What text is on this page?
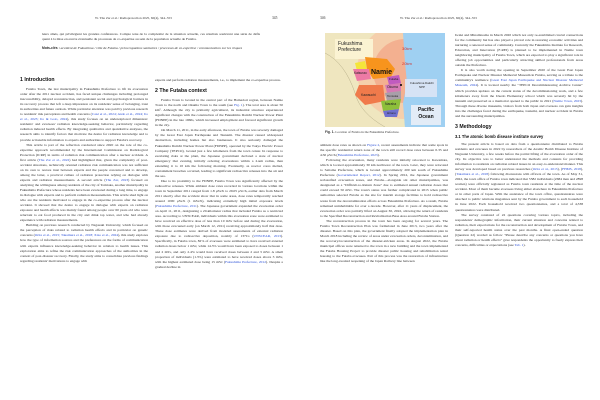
W. Thu Zar et al.: Radioprotection 2025, 60(4), 344–353	345
leurs aînés, qui privilégient les grandes conférences. Compte tenu de la complexité de la situation actuelle, ces résultats soulèvent une série de défis quant à la mise en œuvre éventuelle du processus de co-expertise au sein de la population actuelle de Futaba.
Mots-clés : accident de Fukushima / ville de Futaba / préoccupations sanitaires / processus de co-expertise / communication sur les risques
1 Introduction

Futaba Town, the last municipality in Fukushima Prefecture to lift its evacuation order after the 2011 nuclear accident, has faced unique challenges including prolonged inaccessibility, delayed reconstruction, and persistent social and psychological barriers in its recovery process that left a deep impression on its residents' sense of belonging, trust in authorities and future outlook. While particular attention was paid by previous research to residents' risk perceptions and health concerns (Cazé et al., 2024; Ando et al., 2024; Ito et al., 2023; Ito & Goto, 2024), this study focuses on an underexplored dimension: residents' and evacuees' radiation knowledge-seeking behavior, particularly regarding radiation induced health effects. By integrating qualitative and quantitative analyses, the research aims to identify factors that motivate the desire for radiation knowledge and to provide actionable information to experts and authorities to support Futaba's recovery.

This article is part of the reflection conducted since 2020 on the role of the co-expertise approach recommended by the International Commission on Radiological Protection (ICRP) in terms of radiation risk communication after a nuclear accident. A first article (Thu Zar et al., 2022) had highlighted that, given the complexity of post-accident situations, technically oriented radiation risk communication was not sufficient on its own to restore trust between experts and the people concerned and to develop, among the latter, a practical culture of radiation protection relying on dialogue with experts and radiation measurements. A second article (Thu Zar, 2023) focused on analyzing the willingness among residents of the city of Tomioka, another municipality in Fukushima Prefecture whose residents have been evacuated during a long time, to engage in dialogue with experts and to perform radiation measurements. This article shed light on who are the residents motivated to engage in the co-expertise process after the nuclear accident. It showed that the desire to engage in dialogue with experts on radiation exposure and health effects was mainly found among people over 60 years old who were reluctant to eat food produced in the city and drink tap water, and who had already experience with radiation measurements.

Building on previous research conducted by Nagasaki University, which focused on the perception of risks related to radiation health effects and in particular on genetic concerns (Orita et al., 2015; Takamura et al., 2018; Xiao et al., 2024), this study explores how the type of information sources and the preferences on the forms of communication with experts influence knowledge-seeking behavior in relation to health issues. This exploration aims to refine the risk communication approaches of the authorities in the context of post-disaster recovery. Finally, the study aims to consolidate previous findings regarding residents' motivations to engage with

experts and perform radiation measurements, i.e., to implement the co-expertise process.

2 The Futaba context

Futaba Town is located in the central part of the Hamadori region, between Namie Town to the north and Okuma Town to the south (see Fig. 1). The total area is about 50 km². Although the city is primarily agricultural, its industrial structure experienced significant changes with the construction of the Fukushima Daiichi Nuclear Power Plant (FDNPP) in the late 1960s, which increased employment and favored significant growth in the city.

On March 11, 2011, in the early afternoon, the town of Futaba was severely damaged by the Great East Japan Earthquake and Tsunami. The disaster caused widespread destruction, including homes but also businesses. It also seriously damaged the Fukushima Daiichi Nuclear Power Plant (FDNPP), operated by the Tokyo Electric Power Company (TEPCO), located just a few kilometers from the town center. In response to escalating risks at the plant, the Japanese government declared a state of nuclear emergency that evening, initially ordering evacuations within a 2-km radius, then extending it to 10 km the following morning. Eventually, as reactor cores melted, containment breaches occurred, leading to significant radioactive releases into the air and the sea.

Due to its proximity to the FDNPP, Futaba Town was significantly affected by the radioactive releases. While ambient dose rates recorded in various locations within the town in September 2011 ranged from 1.8 μSv/h to 29.05 μSv/h, earlier data from March 2011 shortly after the accident show that in some areas, dose rates temporarily reached around 1000 μSv/h (1 mSv/h), indicating extremely high initial exposure levels (Fukushima Prefecture, 2011). The Japanese government expanded the evacuation order on April 11, 2011, designating a 20-kilometer radius that included Futaba as a restricted area. According to UNSCEAR, individuals within this evacuation zone were estimated to have received an effective dose of less than 10 mSv before and during the evacuation, with those evacuated early (on March 12, 2011) receiving approximately half that dose. These dose estimates were derived from modeled assessments of external radiation exposure due to radioactive deposition, notably of 137Cs (UNSCEAR, 2013). Specifically, in Futaba town, 82% of evacuees were estimated to have received external radiation doses below 1 mSv, while 14.3% would have been exposed to doses between 1 and 2 mSv, and only 2.4% would have received doses between 2 and 3 mSv. A small proportion of individuals (1.3%) were estimated to have received doses above 3 mSv, with the highest estimated dose being 15 mSv (Fukushima Prefecture, 2012). Despite a gradual decline in

346	W. Thu Zar et al.: Radioprotection 2025, 60(4), 344–353
Fukushima Prefecture	30km
20km
Katsurao Namie
Futaba
Okuma
Kawauchi	Tomioka
Naraha
Hirono
Fukushima Daiichi NPP
Pacific Ocean
Fig. 1. Location of Futaba in the Fukushima Prefecture.

ambient dose rates as shown on Figure 2, recent assessments indicate that some spots in the specific residential return zone of the town still record dose rates between 0.35 and 4.50 μSv/h (Fukushima Prefecture, 2023).

Following the evacuation, many residents were initially relocated to Kawamata, which is located approximately 30 km northwest of the town. Later, they were relocated to Saitama Prefecture, which is located approximately 200 km south of Fukushima Prefecture (Governmental Report, 2012). In Spring 2012, the Japanese government reclassified evacuation zones, and Futaba—alongside six other municipalities, was designated as a "Difficult-to-Return Zone" due to estimated annual radiation doses that could exceed 50 mSv. The town's status was further complicated in 2015 when public authorities selected Futaba as the site for interim storage facilities to hold radioactive waste from the decontamination efforts across Fukushima Prefecture. As a result, Futaba remained uninhabitable for over a decade. However, after 11 years of displacement, the evacuation order was partially lifted on August 30, 2022, allowing the return of residents to the Specified Reconstruction and Revitalization Base Area around Futaba Station.

The reconstruction process in the town has been ongoing for several years. The Futaba Town Reconstruction Plan was formulated in June 2013, two years after the disaster. Based on this plan, the government finally adopted the implementation plan in March 2018 including the review of areas under evacuation orders, decontamination, and the recovery/reconstruction of the disaster-stricken areas. In August 2022, the Futaba municipal offices were returned to the town in a new building and the town implemented the Futaba Housing Project to provide disaster public housing and rehabilitation rental housing to the Futaba evacuees. Part of this process was the restoration of infrastructure like the long-awaited reopening of the Japan Railway line between

Iwaki and Minamisoma in March 2020 which not only re-established crucial connections for the community but has also played a pivotal role in restoring economic activities and nurturing a renewed sense of community. Currently the Fukushima Institute for Research, Education, and Innovation (F-REI) is planned to be implemented in Namie town neighboring municipality of Futaba Town, which are expected to play a significant role in offering job opportunities and particularly attracting skilled professionals from areas outside the Prefecture.

It is also worth noting the opening in September 2020 of the Great East Japan Earthquake and Nuclear Disaster Memorial Museum in Futaba, serving as a tribute to the community's resilience (Great East Japan Earthquake and Nuclear Disaster Memorial Museum, 2024). It is located nearby the "TEPCO Decommissioning Archive Center" which provides updates on the current status of the decommissioning work, and a few kilometers away from the Ukedo Elementary school which was severely hit by the tsunami and preserved as a memorial opened to the public in 2021 (Namie Town, 2023). Through these diverse museums, visitors from both Japan and overseas can gain insights into the challenges faced during the earthquake, tsunami, and nuclear accident in Futaba and the surrounding municipalities.

3 Methodology
3.1 The atomic bomb disease institute survey

The present article is based on data from a questionnaire distributed to Futaba residents and evacuees in 2022 by researchers of the Atomic Bomb Disease Institute of Nagasaki University, a few weeks before the partial lifting of the evacuation order of the city. Its objective was to better understand the methods and contents for providing information to residents on radiation related issues in an easy-to-understand manner. This survey was developed based on previous researches (Orita et al., 2015), (FHMS, 2018), (Takamura et al., 2018) following discussions with officers of the town. As of May 31, 2022, the town office of Futaba town indicated that 5582 individuals (2684 men and 2898 women) were officially registered as Futaba town residents at the time of the nuclear accident. Most of them became evacuees living either elsewhere in Fukushima Prefecture or in other parts of Japan. With the assistance of the town office, questionnaires were attached to public relations magazines sent by the Futaba government to each household in June 2022. Each household received two questionnaires, and a total of 4,338 questionnaires were distributed.

The survey consisted of 22 questions covering various topics, including the respondents' demographic information, their current situation and concerns related to radiation, their expectations for the reconstruction and development of Futaba Town, and their self-reported health status over the past months. A final open-ended question (Question 22) worded as follow "Please describe any concerns or questions you have about radiation or health effects" gave respondents the opportunity to freely express their concerns, difficulties or expectations (see Tab. 1).
